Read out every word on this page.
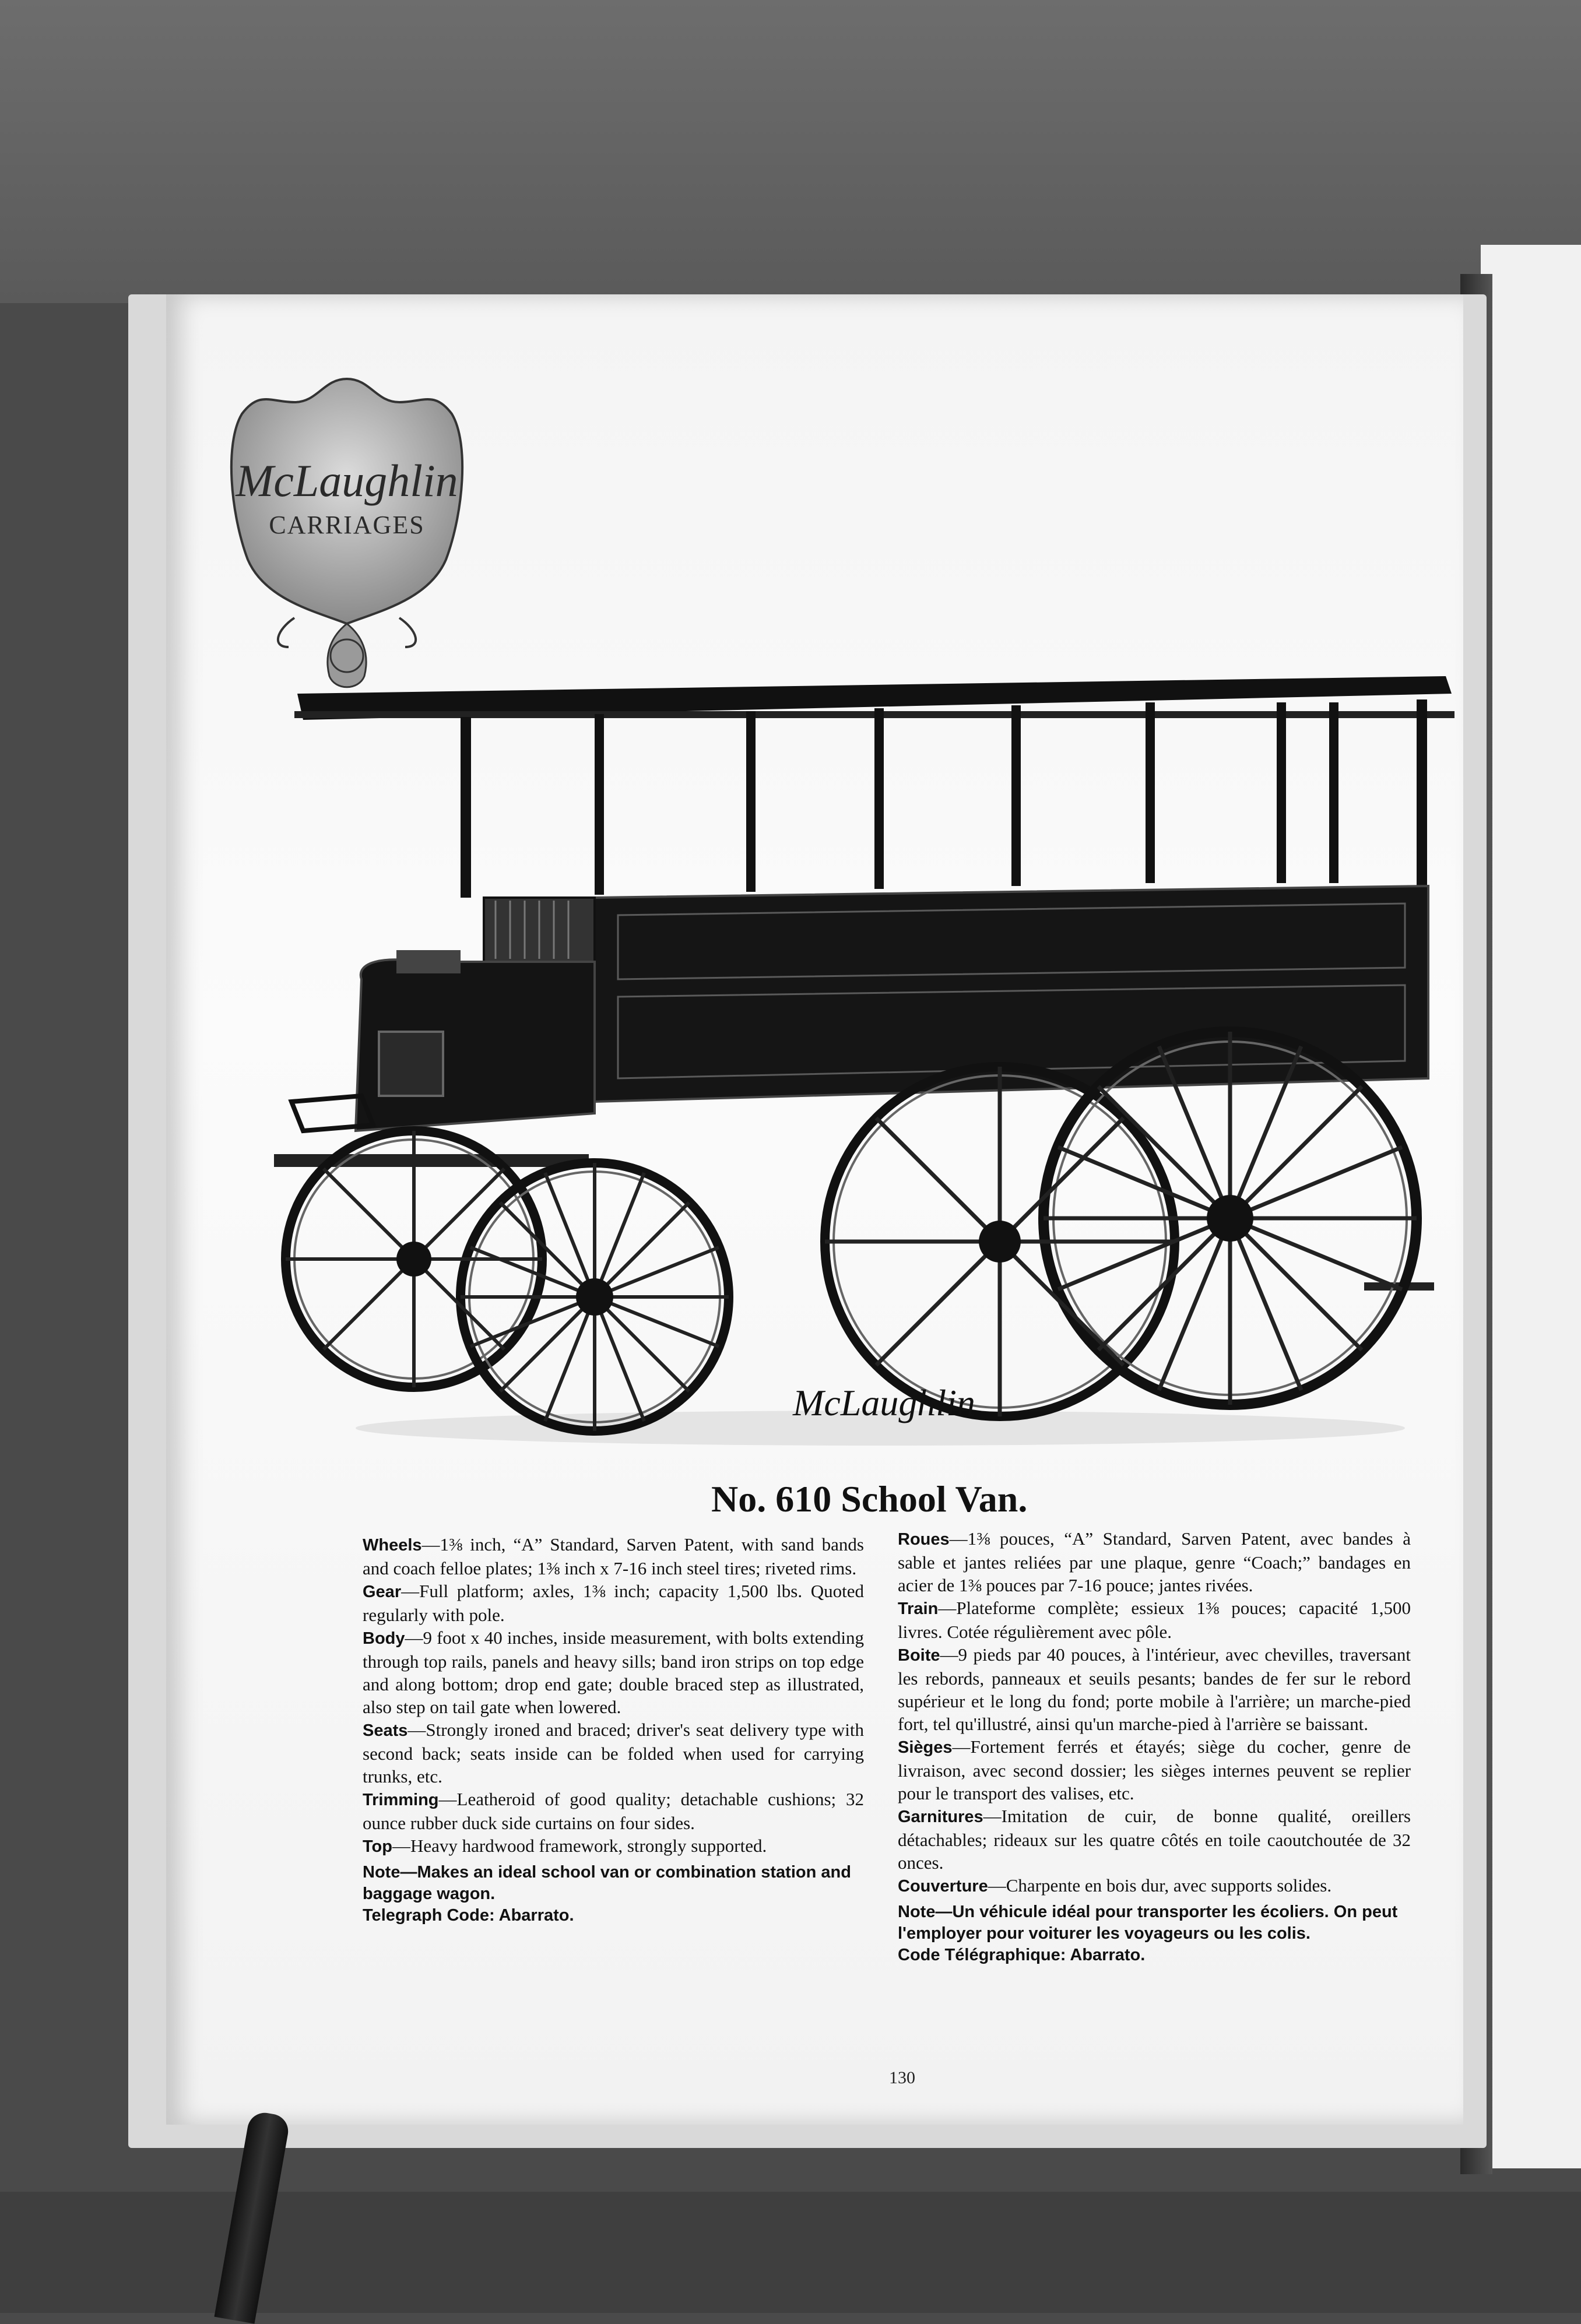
McLaughlin
CARRIAGES
McLaughlin
No. 610 School Van.

Wheels—1⅜ inch, “A” Standard, Sarven Patent, with sand bands and coach felloe plates; 1⅜ inch x 7-16 inch steel tires; riveted rims.

Gear—Full platform; axles, 1⅜ inch; capacity 1,500 lbs. Quoted regularly with pole.

Body—9 foot x 40 inches, inside measurement, with bolts extending through top rails, panels and heavy sills; band iron strips on top edge and along bottom; drop end gate; double braced step as illustrated, also step on tail gate when lowered.

Seats—Strongly ironed and braced; driver's seat delivery type with second back; seats inside can be folded when used for carrying trunks, etc.

Trimming—Leatheroid of good quality; detachable cushions; 32 ounce rubber duck side curtains on four sides.

Top—Heavy hardwood framework, strongly supported.

Note—Makes an ideal school van or combination station and baggage wagon.

Telegraph Code: Abarrato.

Roues—1⅜ pouces, “A” Standard, Sarven Patent, avec bandes à sable et jantes reliées par une plaque, genre “Coach;” bandages en acier de 1⅜ pouces par 7-16 pouce; jantes rivées.

Train—Plateforme complète; essieux 1⅜ pouces; capacité 1,500 livres. Cotée régulièrement avec pôle.

Boite—9 pieds par 40 pouces, à l'intérieur, avec chevilles, traversant les rebords, panneaux et seuils pesants; bandes de fer sur le rebord supérieur et le long du fond; porte mobile à l'arrière; un marche-pied fort, tel qu'illustré, ainsi qu'un marche-pied à l'arrière se baissant.

Sièges—Fortement ferrés et étayés; siège du cocher, genre de livraison, avec second dossier; les sièges internes peuvent se replier pour le transport des valises, etc.

Garnitures—Imitation de cuir, de bonne qualité, oreillers détachables; rideaux sur les quatre côtés en toile caoutchoutée de 32 onces.

Couverture—Charpente en bois dur, avec supports solides.

Note—Un véhicule idéal pour transporter les écoliers. On peut l'employer pour voiturer les voyageurs ou les colis.

Code Télégraphique: Abarrato.

130
